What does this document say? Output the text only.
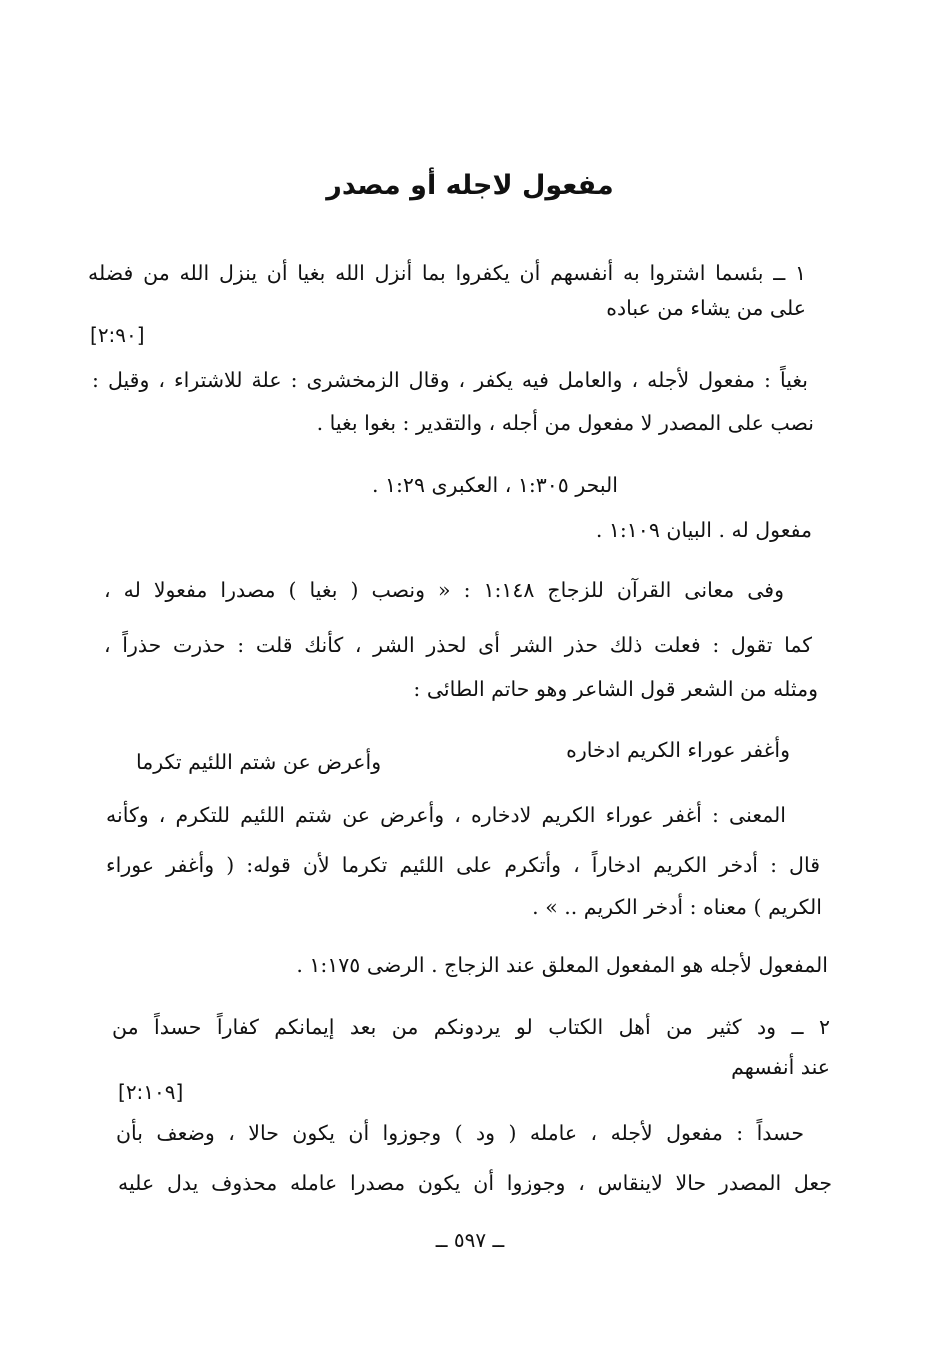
مفعول لاجله أو مصدر
١ ــ بئسما اشتروا به أنفسهم أن يكفروا بما أنزل الله بغيا أن ينزل الله من فضله
على من يشاء من عباده
[٢:٩٠]
بغياً : مفعول لأجله ، والعامل فيه يكفر ، وقال الزمخشرى : علة للاشتراء ، وقيل :
نصب على المصدر لا مفعول من أجله ، والتقدير : بغوا بغيا .
البحر ١:٣٠٥ ، العكبرى ١:٢٩ .
مفعول له . البيان ١:١٠٩ .
وفى معانى القرآن للزجاج ١:١٤٨ : « ونصب ( بغيا ) مصدرا مفعولا له ،
كما تقول : فعلت ذلك حذر الشر أى لحذر الشر ، كأنك قلت : حذرت حذراً ،
ومثله من الشعر قول الشاعر وهو حاتم الطائى :
وأغفر عوراء الكريم ادخاره
وأعرض عن شتم اللئيم تكرما
المعنى : أغفر عوراء الكريم لادخاره ، وأعرض عن شتم اللئيم للتكرم ، وكأنه
قال : أدخر الكريم ادخاراً ، وأتكرم على اللئيم تكرما لأن قوله: ( وأغفر عوراء
الكريم ) معناه : أدخر الكريم .. » .
المفعول لأجله هو المفعول المعلق عند الزجاج . الرضى ١:١٧٥ .
٢ ــ ود كثير من أهل الكتاب لو يردونكم من بعد إيمانكم كفاراً حسداً من
عند أنفسهم
[٢:١٠٩]
حسداً : مفعول لأجله ، عامله ( ود ) وجوزوا أن يكون حالا ، وضعف بأن
جعل المصدر حالا لاينقاس ، وجوزوا أن يكون مصدرا عامله محذوف يدل عليه
ــ ٥٩٧ ــ
